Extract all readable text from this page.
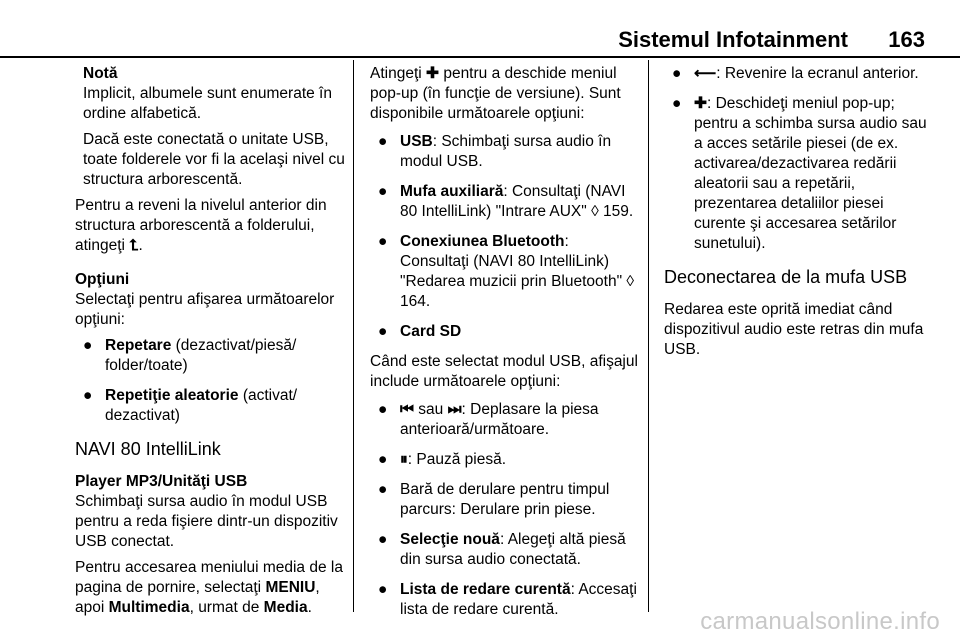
Sistemul Infotainment 163
Notă

Implicit, albumele sunt enumerate în ordine alfabetică.

Dacă este conectată o unitate USB, toate folderele vor fi la acelaşi nivel cu structura arborescentă.

Pentru a reveni la nivelul anterior din structura arborescentă a folderului, atingeţi ⮤.

Opţiuni

Selectaţi pentru afişarea următoarelor opţiuni:

● Repetare (dezactivat/piesă/ folder/toate)
● Repetiţie aleatorie (activat/ dezactivat)
NAVI 80 IntelliLink
Player MP3/Unităţi USB

Schimbaţi sursa audio în modul USB pentru a reda fişiere dintr-un dispozitiv USB conectat.

Pentru accesarea meniului media de la pagina de pornire, selectaţi MENIU, apoi Multimedia, urmat de Media.

Atingeţi ✚ pentru a deschide meniul pop-up (în funcţie de versiune). Sunt disponibile următoarele opţiuni:

● USB: Schimbaţi sursa audio în modul USB.
● Mufa auxiliară: Consultaţi (NAVI 80 IntelliLink) "Intrare AUX" ◊ 159.
● Conexiunea Bluetooth: Consultaţi (NAVI 80 IntelliLink) "Redarea muzicii prin Bluetooth" ◊ 164.
● Card SD

Când este selectat modul USB, afişajul include următoarele opţiuni:

● ⏮ sau ⏭: Deplasare la piesa anterioară/următoare.
● ⏸: Pauză piesă.
● Bară de derulare pentru timpul parcurs: Derulare prin piese.
● Selecţie nouă: Alegeţi altă piesă din sursa audio conectată.
● Lista de redare curentă: Accesaţi lista de redare curentă.
● ⟵: Revenire la ecranul anterior.
● ✚: Deschideţi meniul pop-up; pentru a schimba sursa audio sau a acces setările piesei (de ex. activarea/dezactivarea redării aleatorii sau a repetării, prezentarea detaliilor piesei curente şi accesarea setărilor sunetului).
Deconectarea de la mufa USB

Redarea este oprită imediat când dispozitivul audio este retras din mufa USB.

carmanualsonline.info
